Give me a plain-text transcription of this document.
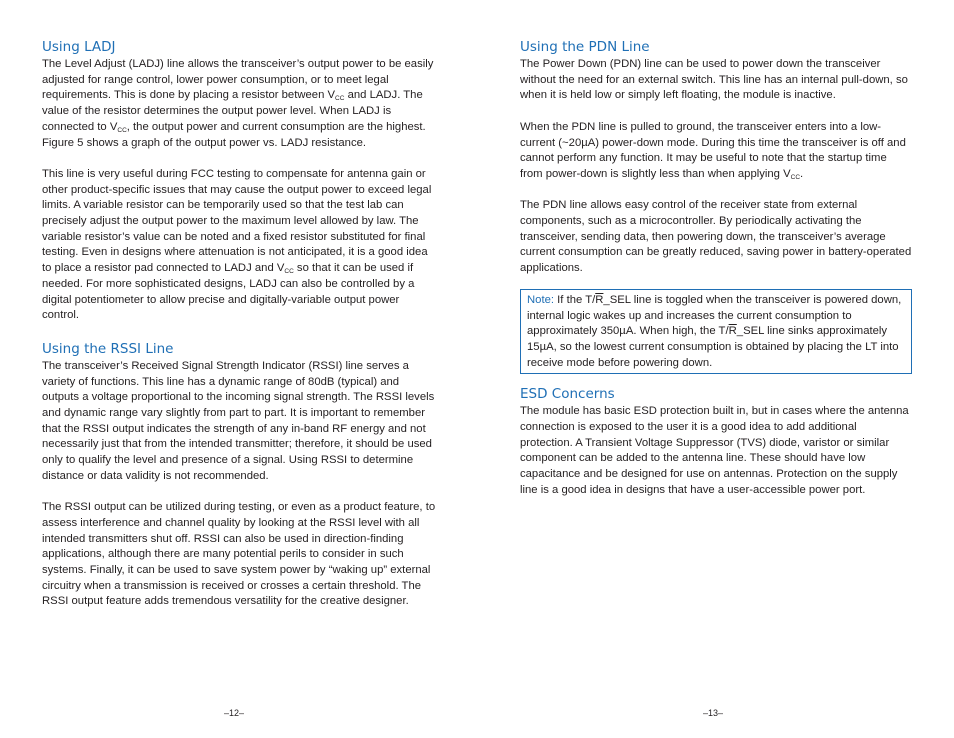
Using LADJ

The Level Adjust (LADJ) line allows the transceiver’s output power to be easily adjusted for range control, lower power consumption, or to meet legal requirements. This is done by placing a resistor between $V_{CC}$ and LADJ. The value of the resistor determines the output power level. When LADJ is connected to $V_{CC}$, the output power and current consumption are the highest. Figure 5 shows a graph of the output power vs. LADJ resistance.

This line is very useful during FCC testing to compensate for antenna gain or other product-specific issues that may cause the output power to exceed legal limits. A variable resistor can be temporarily used so that the test lab can precisely adjust the output power to the maximum level allowed by law. The variable resistor’s value can be noted and a fixed resistor substituted for final testing. Even in designs where attenuation is not anticipated, it is a good idea to place a resistor pad connected to LADJ and $V_{CC}$ so that it can be used if needed. For more sophisticated designs, LADJ can also be controlled by a digital potentiometer to allow precise and digitally-variable output power control.

Using the RSSI Line

The transceiver’s Received Signal Strength Indicator (RSSI) line serves a variety of functions. This line has a dynamic range of 80dB (typical) and outputs a voltage proportional to the incoming signal strength. The RSSI levels and dynamic range vary slightly from part to part. It is important to remember that the RSSI output indicates the strength of any in-band RF energy and not necessarily just that from the intended transmitter; therefore, it should be used only to qualify the level and presence of a signal. Using RSSI to determine distance or data validity is not recommended.

The RSSI output can be utilized during testing, or even as a product feature, to assess interference and channel quality by looking at the RSSI level with all intended transmitters shut off. RSSI can also be used in direction-finding applications, although there are many potential perils to consider in such systems. Finally, it can be used to save system power by “waking up” external circuitry when a transmission is received or crosses a certain threshold. The RSSI output feature adds tremendous versatility for the creative designer.

–12–
Using the PDN Line

The Power Down (PDN) line can be used to power down the transceiver without the need for an external switch. This line has an internal pull-down, so when it is held low or simply left floating, the module is inactive.

When the PDN line is pulled to ground, the transceiver enters into a low-current (~20µA) power-down mode. During this time the transceiver is off and cannot perform any function. It may be useful to note that the startup time from power-down is slightly less than when applying $V_{CC}$.

The PDN line allows easy control of the receiver state from external components, such as a microcontroller. By periodically activating the transceiver, sending data, then powering down, the transceiver’s average current consumption can be greatly reduced, saving power in battery-operated applications.

Note: If the $T/\overline{R}\_SEL$ line is toggled when the transceiver is powered down, internal logic wakes up and increases the current consumption to approximately 350µA. When high, the $T/\overline{R}\_SEL$ line sinks approximately 15µA, so the lowest current consumption is obtained by placing the LT into receive mode before powering down.

ESD Concerns

The module has basic ESD protection built in, but in cases where the antenna connection is exposed to the user it is a good idea to add additional protection. A Transient Voltage Suppressor (TVS) diode, varistor or similar component can be added to the antenna line. These should have low capacitance and be designed for use on antennas. Protection on the supply line is a good idea in designs that have a user-accessible power port.

–13–
